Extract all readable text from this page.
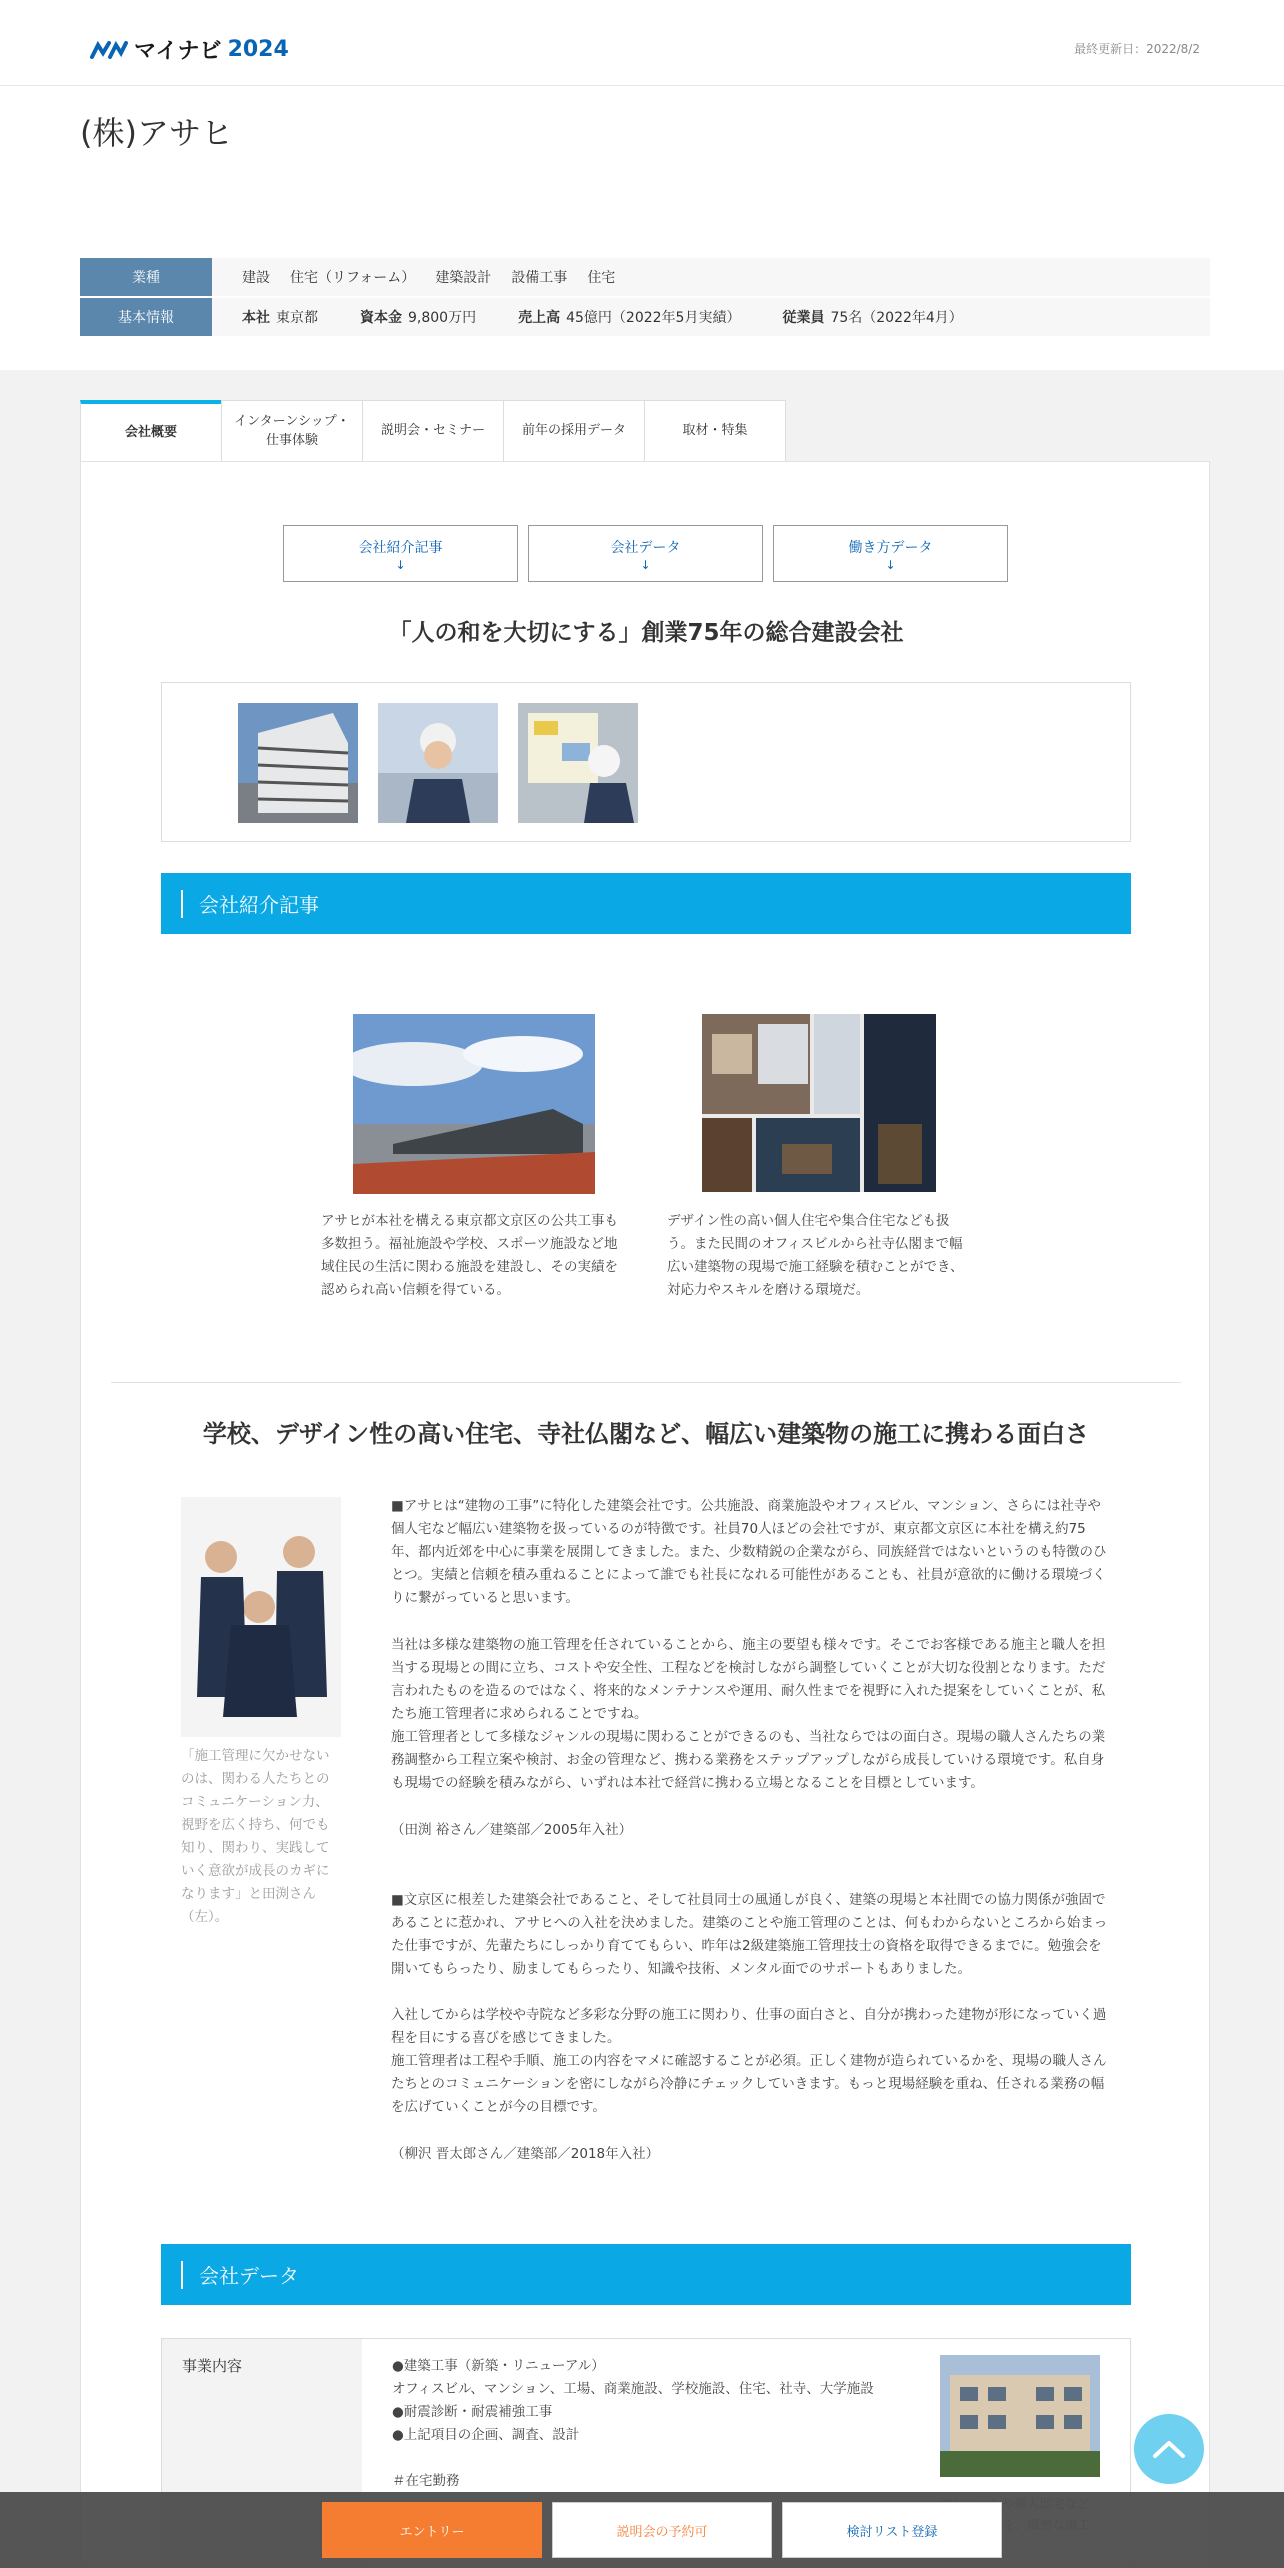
マイナビ 2024	最終更新日：2022/8/2
(株)アサヒ
業種	建設 住宅（リフォーム） 建築設計 設備工事 住宅
基本情報	本社 東京都	資本金 9,800万円	売上高 45億円（2022年5月実績）	従業員 75名（2022年4月）
会社概要
インターンシップ・
仕事体験
説明会・セミナー	前年の採用データ	取材・特集
会社紹介記事
↓
会社データ
↓
働き方データ
↓
「人の和を大切にする」創業75年の総合建設会社
会社紹介記事

アサヒが本社を構える東京都文京区の公共工事も多数担う。福祉施設や学校、スポーツ施設など地域住民の生活に関わる施設を建設し、その実績を認められ高い信頼を得ている。

デザイン性の高い個人住宅や集合住宅なども扱う。また民間のオフィスビルから社寺仏閣まで幅広い建築物の現場で施工経験を積むことができ、対応力やスキルを磨ける環境だ。

学校、デザイン性の高い住宅、寺社仏閣など、幅広い建築物の施工に携わる面白さ

「施工管理に欠かせないのは、関わる人たちとのコミュニケーション力、視野を広く持ち、何でも知り、関わり、実践していく意欲が成長のカギになります」と田渕さん（左）。

■アサヒは“建物の工事”に特化した建築会社です。公共施設、商業施設やオフィスビル、マンション、さらには社寺や個人宅など幅広い建築物を扱っているのが特徴です。社員70人ほどの会社ですが、東京都文京区に本社を構え約75年、都内近郊を中心に事業を展開してきました。また、少数精鋭の企業ながら、同族経営ではないというのも特徴のひとつ。実績と信頼を積み重ねることによって誰でも社長になれる可能性があることも、社員が意欲的に働ける環境づくりに繋がっていると思います。

当社は多様な建築物の施工管理を任されていることから、施主の要望も様々です。そこでお客様である施主と職人を担当する現場との間に立ち、コストや安全性、工程などを検討しながら調整していくことが大切な役割となります。ただ言われたものを造るのではなく、将来的なメンテナンスや運用、耐久性までを視野に入れた提案をしていくことが、私たち施工管理者に求められることですね。
施工管理者として多様なジャンルの現場に関わることができるのも、当社ならではの面白さ。現場の職人さんたちの業務調整から工程立案や検討、お金の管理など、携わる業務をステップアップしながら成長していける環境です。私自身も現場での経験を積みながら、いずれは本社で経営に携わる立場となることを目標としています。

（田渕 裕さん／建築部／2005年入社）

■文京区に根差した建築会社であること、そして社員同士の風通しが良く、建築の現場と本社間での協力関係が強固であることに惹かれ、アサヒへの入社を決めました。建築のことや施工管理のことは、何もわからないところから始まった仕事ですが、先輩たちにしっかり育ててもらい、昨年は2級建築施工管理技士の資格を取得できるまでに。勉強会を開いてもらったり、励ましてもらったり、知識や技術、メンタル面でのサポートもありました。

入社してからは学校や寺院など多彩な分野の施工に関わり、仕事の面白さと、自分が携わった建物が形になっていく過程を目にする喜びを感じてきました。
施工管理者は工程や手順、施工の内容をマメに確認することが必須。正しく建物が造られているかを、現場の職人さんたちとのコミュニケーションを密にしながら冷静にチェックしていきます。もっと現場経験を重ね、任される業務の幅を広げていくことが今の目標です。

（柳沢 晋太郎さん／建築部／2018年入社）

会社データ
事業内容	●建築工事（新築・リニューアル）
オフィスビル、マンション、工場、商業施設、学校施設、住宅、社寺、大学施設
●耐震診断・耐震補強工事
●上記項目の企画、調査、設計
＃在宅勤務

エントリー	説明会の予約可	検討リスト登録
